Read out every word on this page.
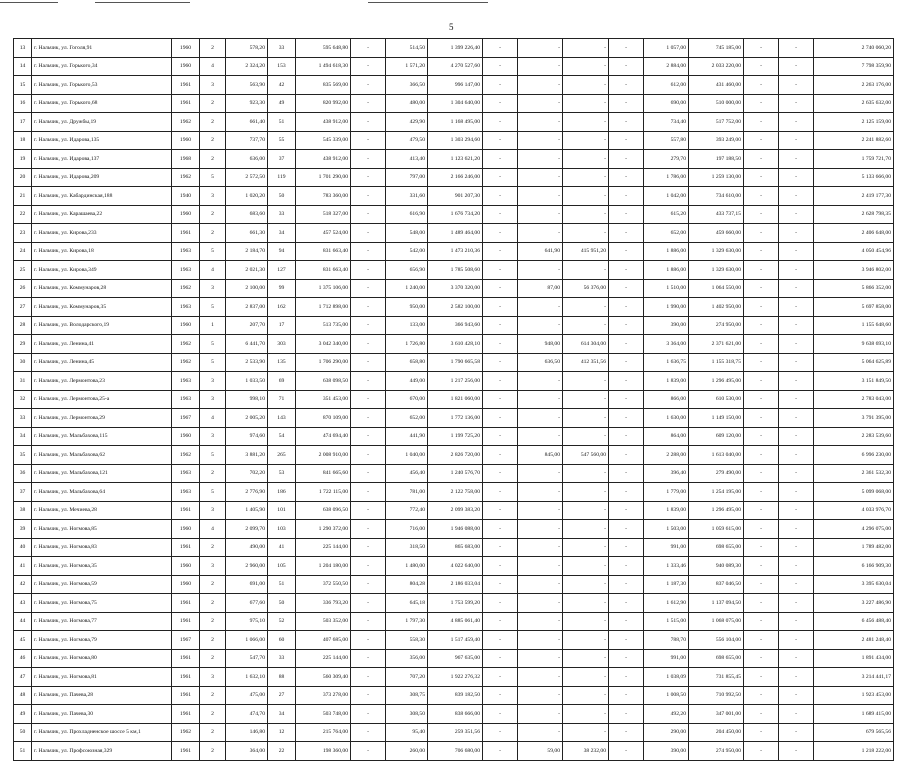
5
13	г. Нальчик, ул. Гоголя,91	1960	2	578,20	33	595 648,80	-	514,50	1 399 226,40	-	-	-	-	1 057,00	745 185,00	-	-	2 740 060,20
14	г. Нальчик, ул. Горького,34	1960	4	2 324,20	153	1 494 618,30	-	1 571,20	4 270 527,60	-	-	-	-	2 884,00	2 033 220,00	-	-	7 798 359,90
15	г. Нальчик, ул. Горького,53	1961	3	563,90	42	835 569,00	-	366,50	996 147,00	-	-	-	-	612,00	431 460,00	-	-	2 263 176,00
16	г. Нальчик, ул. Горького,68	1961	2	923,30	49	820 992,00	-	480,00	1 304 640,00	-	-	-	-	690,00	510 000,00	-	-	2 635 632,00
17	г. Нальчик, ул. Дружбы,19	1962	2	661,40	51	438 912,00	-	429,90	1 168 495,00	-	-	-	-	734,40	517 752,00	-	-	2 125 159,00
18	г. Нальчик, ул. Идарова,135	1960	2	737,70	55	545 339,00	-	479,50	1 303 294,60	-	-	-	-	557,80	393 249,00	-	-	2 241 882,60
19	г. Нальчик, ул. Идарова,137	1968	2	636,00	37	438 912,00	-	413,40	1 123 621,20	-	-	-	-	279,70	197 188,50	-	-	1 759 721,70
20	г. Нальчик, ул. Идарова,209	1962	5	2 572,50	119	1 701 290,00	-	797,00	2 166 246,00	-	-	-	-	1 786,00	1 259 130,00	-	-	5 133 666,00
21	г. Нальчик, ул. Кабардинская,188	1940	3	1 020,20	50	783 360,00	-	331,60	901 207,30	-	-	-	-	1 042,00	734 610,00	-	-	2 419 177,30
22	г. Нальчик, ул. Карашаева,22	1960	2	683,60	33	518 327,00	-	616,90	1 676 734,20	-	-	-	-	615,20	433 737,15	-	-	2 628 798,35
23	г. Нальчик, ул. Кирова,233	1961	2	661,30	34	457 524,00	-	548,00	1 489 464,00	-	-	-	-	652,00	459 660,00	-	-	2 406 648,00
24	г. Нальчик, ул. Кирова,18	1963	5	2 184,70	94	831 663,40	-	542,00	1 473 210,36	-	641,90	415 951,20	-	1 886,00	1 329 630,00	-	-	4 050 454,96
25	г. Нальчик, ул. Кирова,349	1963	4	2 021,30	127	831 663,40	-	656,90	1 785 508,60	-	-	-	-	1 886,00	1 329 630,00	-	-	3 946 802,00
26	г. Нальчик, ул. Коммунаров,28	1962	3	2 100,00	99	1 375 106,00	-	1 240,00	3 370 320,00	-	87,00	56 376,00	-	1 510,00	1 064 550,00	-	-	5 866 352,00
27	г. Нальчик, ул. Коммунаров,35	1963	5	2 837,00	162	1 712 898,00	-	950,00	2 582 100,00	-	-	-	-	1 990,00	1 402 950,00	-	-	5 697 858,00
28	г. Нальчик, ул. Володарского,19	1960	1	207,70	17	513 735,00	-	133,00	366 943,60	-	-	-	-	390,00	274 950,00	-	-	1 155 648,60
29	г. Нальчик, ул. Ленина,41	1962	5	6 441,70	303	3 042 340,00	-	1 726,80	3 610 428,10	-	948,00	614 304,00	-	3 364,00	2 371 621,00	-	-	9 638 693,10
30	г. Нальчик, ул. Ленина,45	1962	5	2 533,90	135	1 706 290,00	-	658,80	1 790 665,58	-	636,50	412 351,56	-	1 636,75	1 155 318,75	-	-	5 064 625,89
31	г. Нальчик, ул. Лермонтова,23	1963	3	1 033,50	69	638 098,50	-	449,00	1 217 256,00	-	-	-	-	1 839,00	1 296 495,00	-	-	3 151 849,50
32	г. Нальчик, ул. Лермонтова,25-а	1963	3	998,10	71	351 453,00	-	670,00	1 821 060,00	-	-	-	-	866,00	610 530,00	-	-	2 783 043,00
33	г. Нальчик, ул. Лермонтова,29	1967	4	2 005,20	143	870 109,00	-	652,00	1 772 136,00	-	-	-	-	1 630,00	1 149 150,00	-	-	3 791 395,00
34	г. Нальчик, ул. Мальбахова,115	1960	3	974,60	54	474 694,40	-	441,90	1 199 725,20	-	-	-	-	864,00	609 120,00	-	-	2 283 539,60
35	г. Нальчик, ул. Мальбахова,62	1962	5	3 881,20	265	2 008 910,00	-	1 040,00	2 826 720,00	-	845,00	547 560,00	-	2 288,00	1 613 040,00	-	-	6 996 230,00
36	г. Нальчик, ул. Мальбахова,121	1963	2	702,20	53	841 665,60	-	456,40	1 240 576,70	-	-	-	-	396,40	279 490,00	-	-	2 361 532,30
37	г. Нальчик, ул. Мальбахова,64	1963	5	2 776,90	186	1 722 115,00	-	781,00	2 122 758,00	-	-	-	-	1 779,00	1 254 195,00	-	-	5 099 068,00
38	г. Нальчик, ул. Мечиева,28	1961	3	1 405,90	101	638 096,50	-	772,40	2 099 383,20	-	-	-	-	1 839,00	1 296 495,00	-	-	4 033 976,70
39	г. Нальчик, ул. Ногмова,85	1960	4	2 099,70	103	1 290 372,00	-	716,00	1 946 088,00	-	-	-	-	1 503,00	1 059 615,00	-	-	4 296 075,00
40	г. Нальчик, ул. Ногмова,83	1961	2	490,00	41	225 144,00	-	318,50	865 683,00	-	-	-	-	991,00	698 655,00	-	-	1 789 482,00
41	г. Нальчик, ул. Ногмова,35	1960	3	2 960,00	105	1 204 180,00	-	1 480,00	4 022 640,00	-	-	-	-	1 333,46	940 089,30	-	-	6 166 909,30
42	г. Нальчик, ул. Ногмова,59	1960	2	691,00	51	372 550,50	-	804,28	2 186 033,04	-	-	-	-	1 187,30	837 046,50	-	-	3 395 630,04
43	г. Нальчик, ул. Ногмова,75	1961	2	677,60	50	336 793,20	-	645,18	1 753 599,20	-	-	-	-	1 612,90	1 137 094,50	-	-	3 227 486,90
44	г. Нальчик, ул. Ногмова,77	1961	2	975,10	52	503 352,00	-	1 797,30	4 885 061,40	-	-	-	-	1 515,00	1 068 075,00	-	-	6 456 488,40
45	г. Нальчик, ул. Ногмова,79	1967	2	1 066,00	60	407 685,00	-	558,30	1 517 459,40	-	-	-	-	788,70	556 104,00	-	-	2 481 248,40
46	г. Нальчик, ул. Ногмова,80	1961	2	547,70	33	225 144,00	-	356,00	967 635,00	-	-	-	-	991,00	698 655,00	-	-	1 891 434,00
47	г. Нальчик, ул. Ногмова,81	1961	3	1 632,10	88	560 309,40	-	707,20	1 922 276,32	-	-	-	-	1 038,09	731 855,45	-	-	3 214 441,17
48	г. Нальчик, ул. Пачева,28	1961	2	475,00	27	373 278,00	-	308,75	839 182,50	-	-	-	-	1 008,50	710 992,50	-	-	1 923 453,00
49	г. Нальчик, ул. Пачева,30	1961	2	474,70	34	503 748,00	-	308,50	838 666,00	-	-	-	-	492,20	347 001,00	-	-	1 689 415,00
50	г. Нальчик, ул. Прохладненское шоссе 5 км,1	1962	2	146,80	12	215 764,00	-	95,40	259 351,56	-	-	-	-	290,00	204 450,00	-	-	679 565,56
51	г. Нальчик, ул. Профсоюзная,329	1961	2	364,00	22	198 360,00	-	260,00	706 680,00	-	59,00	38 232,00	-	390,00	274 950,00	-	-	1 218 222,00
